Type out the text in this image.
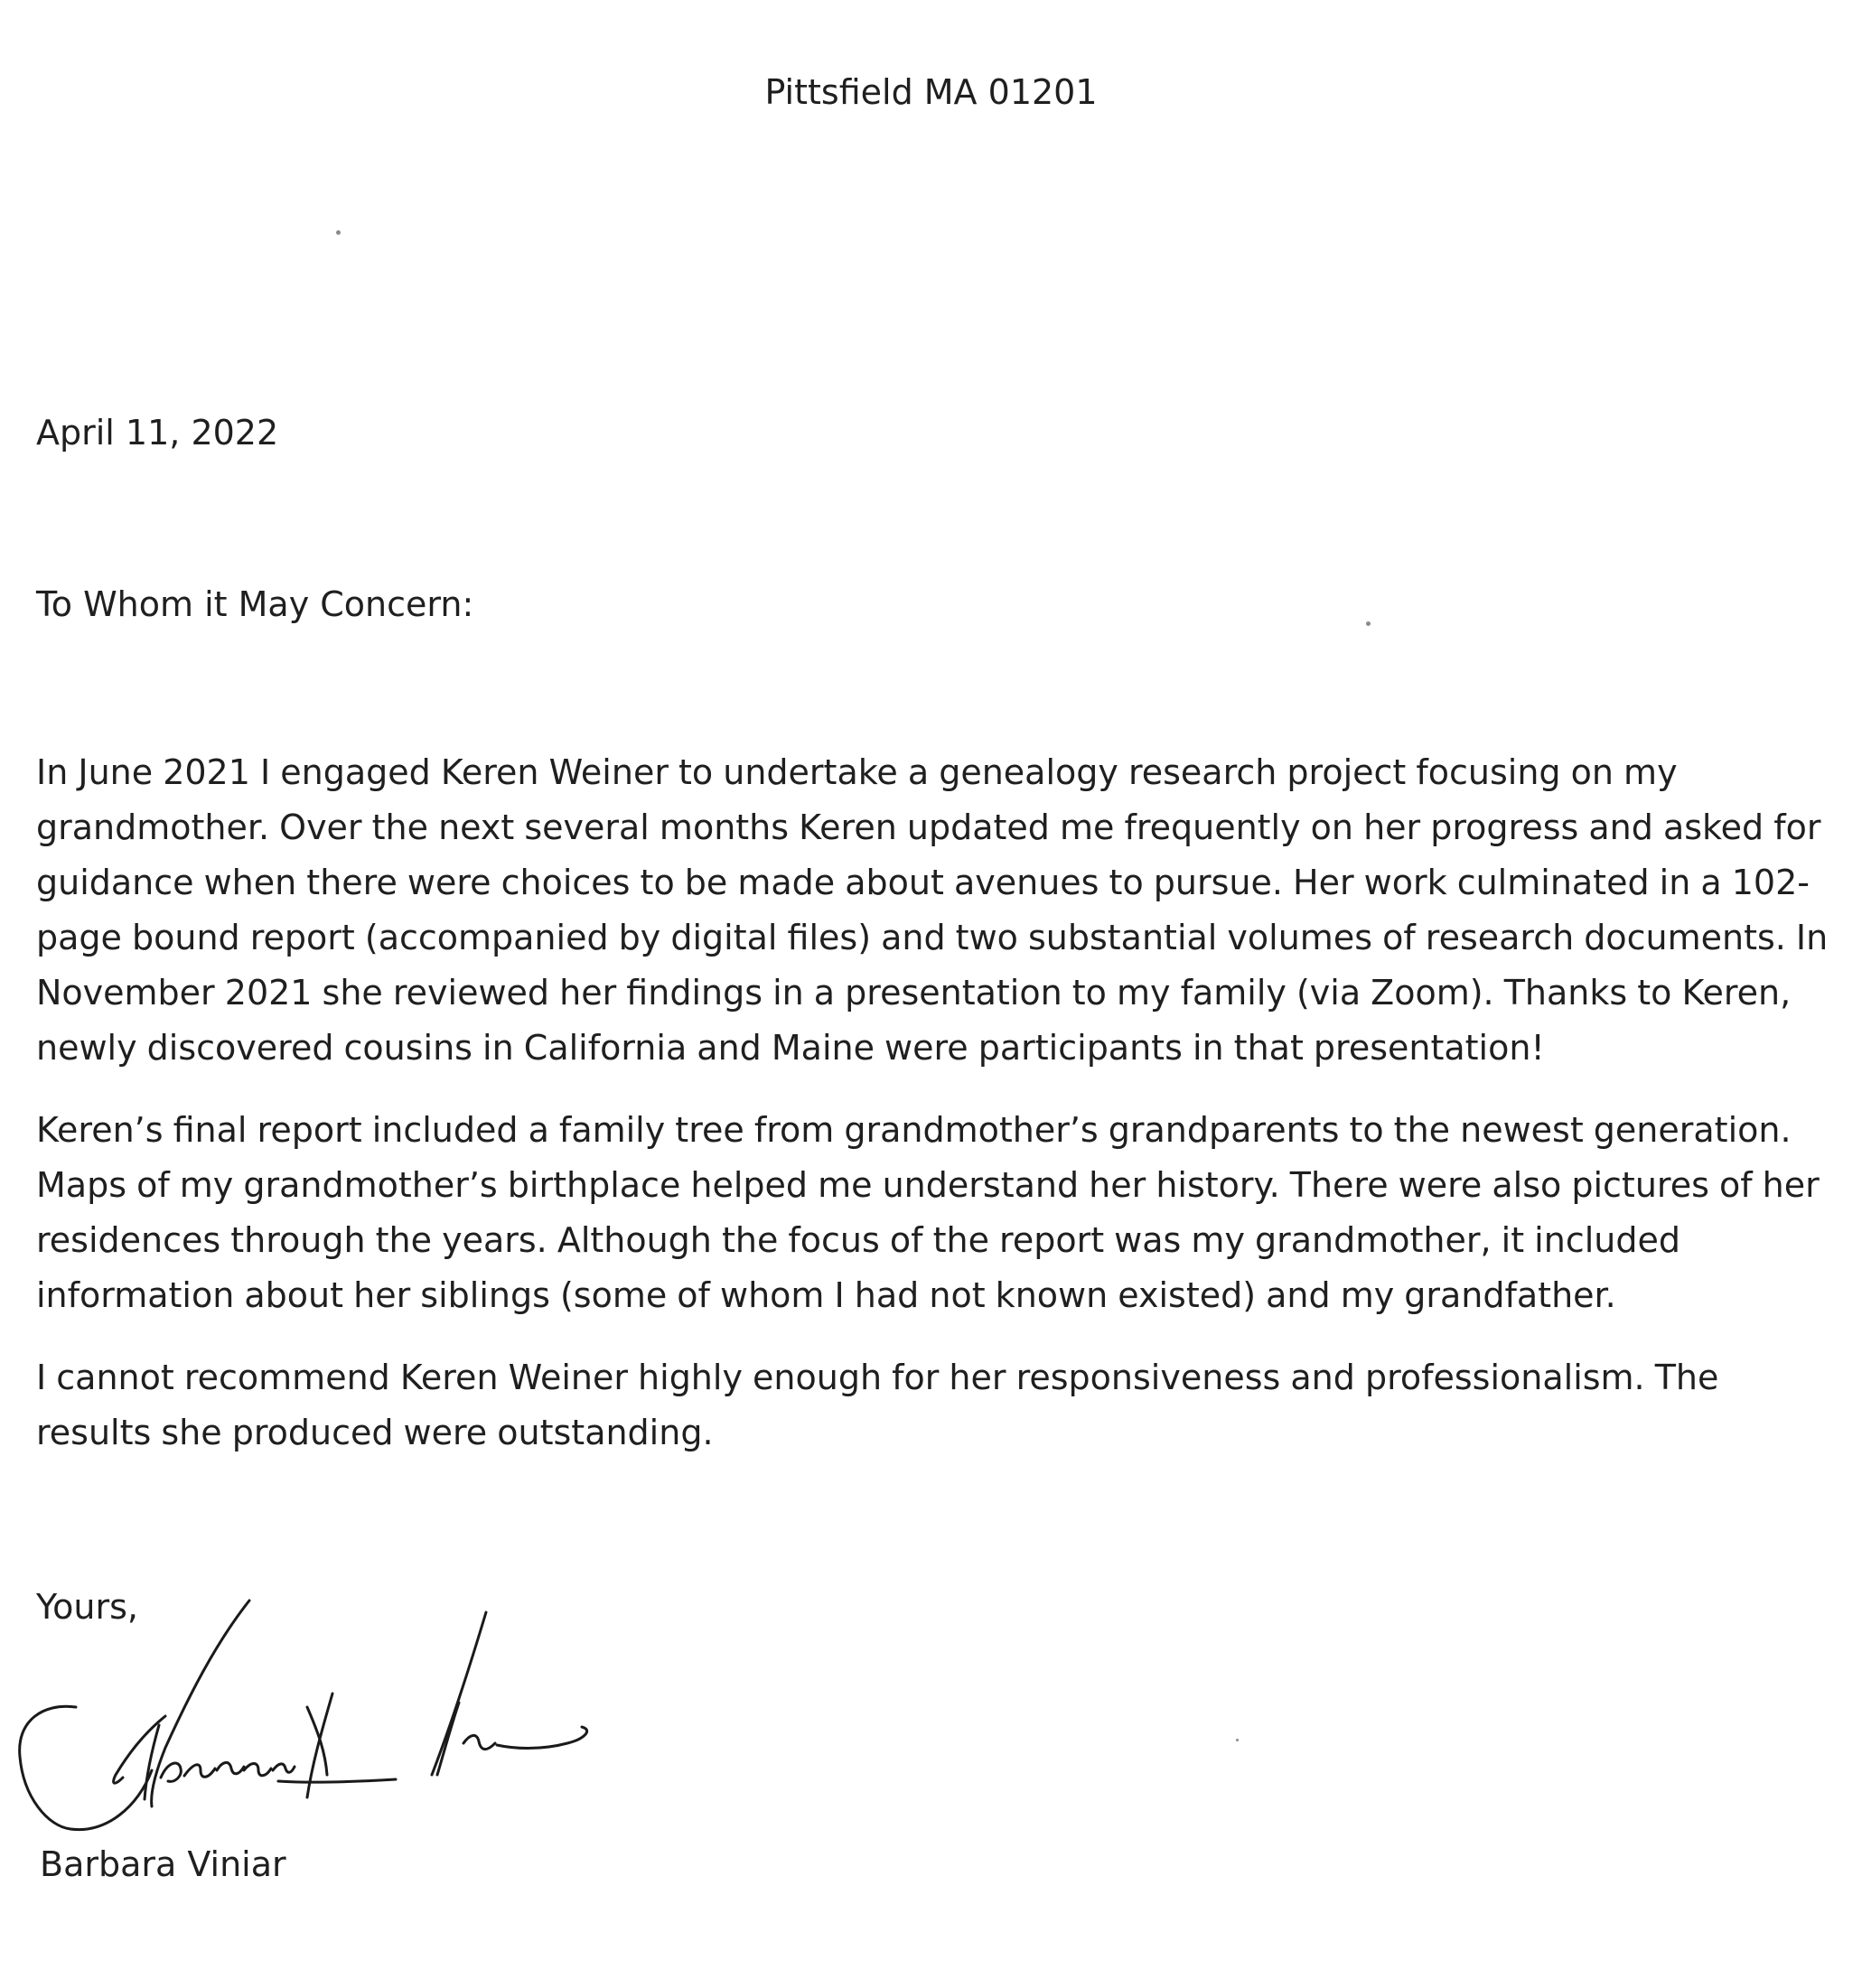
Pittsfield MA 01201
April 11, 2022
To Whom it May Concern:

In June 2021 I engaged Keren Weiner to undertake a genealogy research project focusing on my grandmother. Over the next several months Keren updated me frequently on her progress and asked for guidance when there were choices to be made about avenues to pursue. Her work culminated in a 102-page bound report (accompanied by digital files) and two substantial volumes of research documents. In November 2021 she reviewed her findings in a presentation to my family (via Zoom). Thanks to Keren, newly discovered cousins in California and Maine were participants in that presentation!

Keren’s final report included a family tree from grandmother’s grandparents to the newest generation. Maps of my grandmother’s birthplace helped me understand her history. There were also pictures of her residences through the years. Although the focus of the report was my grandmother, it included information about her siblings (some of whom I had not known existed) and my grandfather.

I cannot recommend Keren Weiner highly enough for her responsiveness and professionalism. The results she produced were outstanding.

Yours,
Barbara Viniar
